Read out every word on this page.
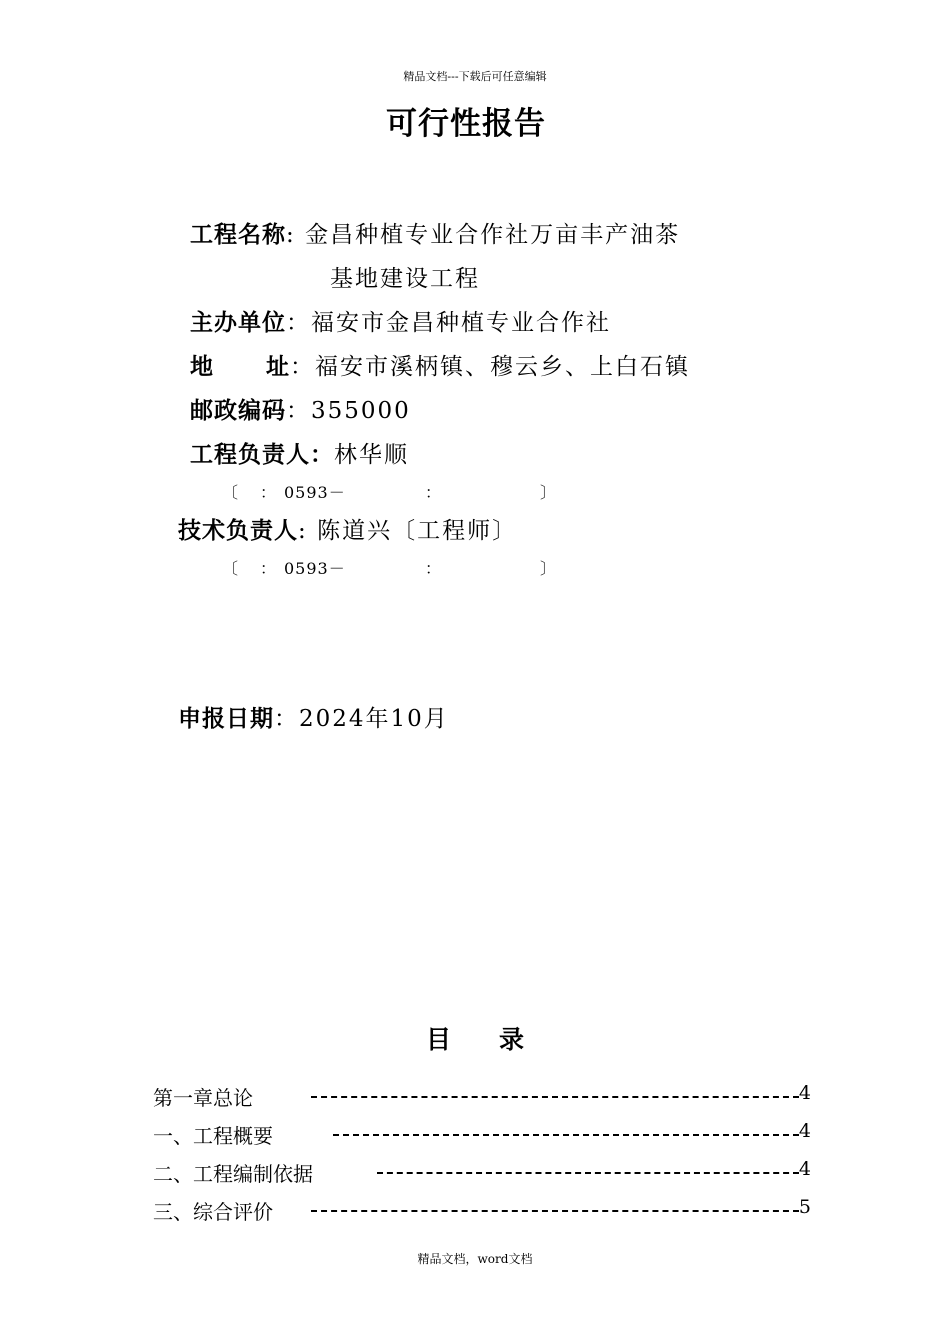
精品文档---下载后可任意编辑
可行性报告
工程名称: 金昌种植专业合作社万亩丰产油茶
基地建设工程
主办单位：福安市金昌种植专业合作社
地 址：福安市溪柄镇、穆云乡、上白石镇
邮政编码：355000
工程负责人：林华顺
〔 ： 0593－	：	〕
技术负责人: 陈道兴〔工程师〕
〔 ： 0593－	：	〕
申报日期：2024年10月
目 录
第一章总论	4
一、工程概要	4
二、工程编制依据	4
三、综合评价	5
精品文档，word文档
